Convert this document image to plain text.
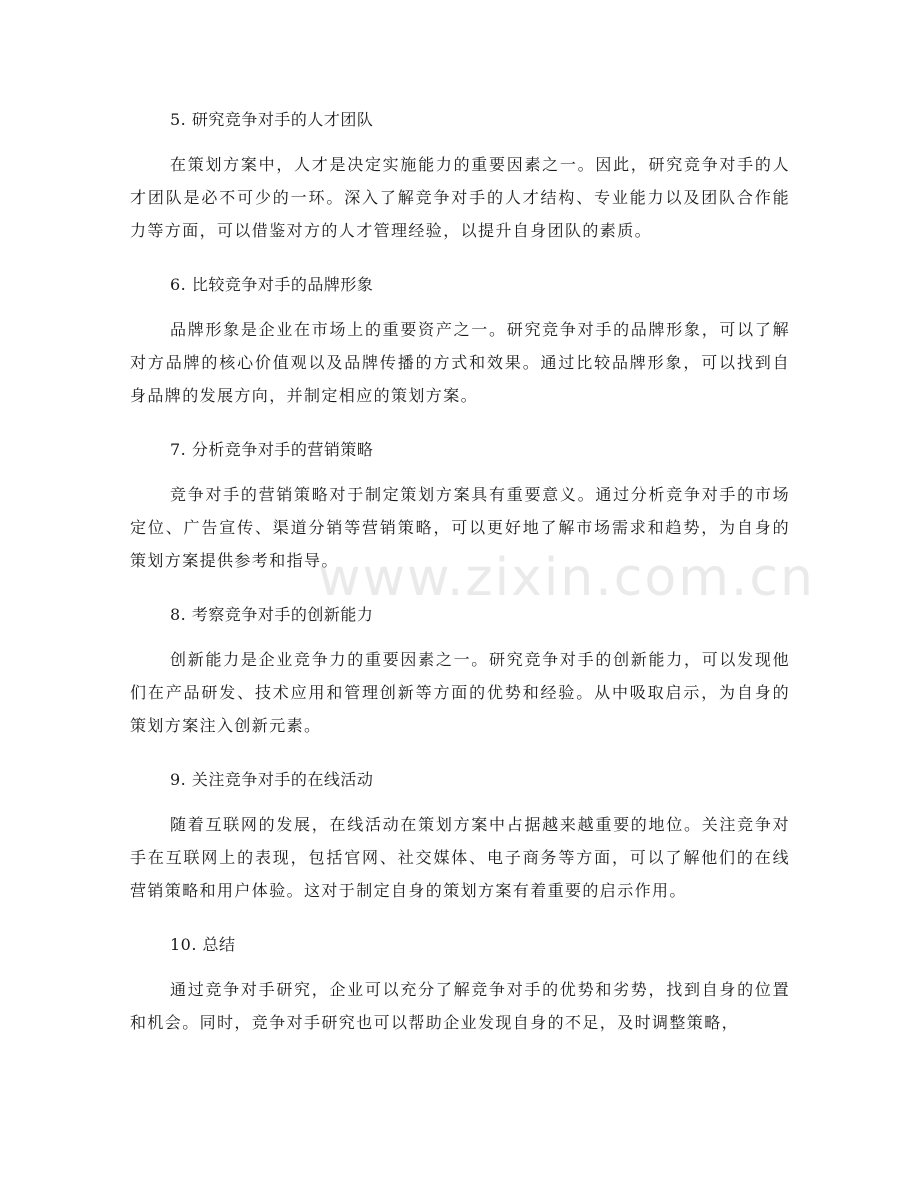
5. 研究竞争对手的人才团队

在策划方案中，人才是决定实施能力的重要因素之一。因此，研究竞争对手的人才团队是必不可少的一环。深入了解竞争对手的人才结构、专业能力以及团队合作能力等方面，可以借鉴对方的人才管理经验，以提升自身团队的素质。

6. 比较竞争对手的品牌形象

品牌形象是企业在市场上的重要资产之一。研究竞争对手的品牌形象，可以了解对方品牌的核心价值观以及品牌传播的方式和效果。通过比较品牌形象，可以找到自身品牌的发展方向，并制定相应的策划方案。

7. 分析竞争对手的营销策略

竞争对手的营销策略对于制定策划方案具有重要意义。通过分析竞争对手的市场定位、广告宣传、渠道分销等营销策略，可以更好地了解市场需求和趋势，为自身的策划方案提供参考和指导。

8. 考察竞争对手的创新能力

创新能力是企业竞争力的重要因素之一。研究竞争对手的创新能力，可以发现他们在产品研发、技术应用和管理创新等方面的优势和经验。从中吸取启示，为自身的策划方案注入创新元素。

9. 关注竞争对手的在线活动

随着互联网的发展，在线活动在策划方案中占据越来越重要的地位。关注竞争对手在互联网上的表现，包括官网、社交媒体、电子商务等方面，可以了解他们的在线营销策略和用户体验。这对于制定自身的策划方案有着重要的启示作用。

10. 总结

通过竞争对手研究，企业可以充分了解竞争对手的优势和劣势，找到自身的位置和机会。同时，竞争对手研究也可以帮助企业发现自身的不足，及时调整策略，

www.zixin.com.cn
